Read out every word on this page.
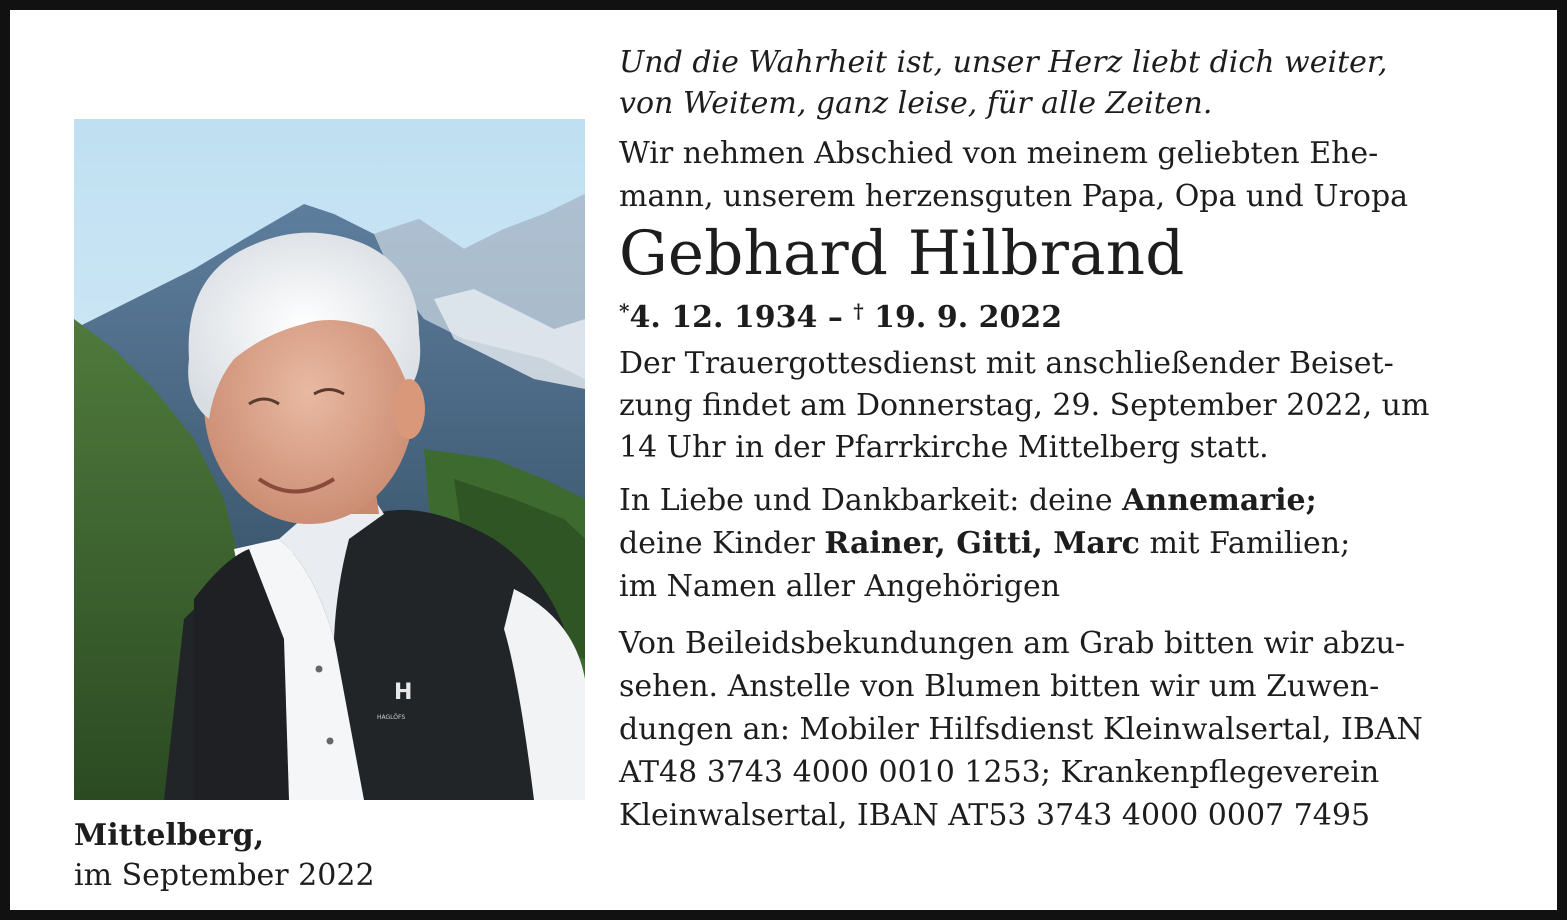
H
HAGLÖFS
Mittelberg,
im September 2022

Und die Wahrheit ist, unser Herz liebt dich weiter,

von Weitem, ganz leise, für alle Zeiten.

Wir nehmen Abschied von meinem geliebten Ehe-

mann, unserem herzensguten Papa, Opa und Uropa

Gebhard Hilbrand

*4. 12. 1934 – † 19. 9. 2022

Der Trauergottesdienst mit anschließender Beiset-

zung findet am Donnerstag, 29. September 2022, um

14 Uhr in der Pfarrkirche Mittelberg statt.

In Liebe und Dankbarkeit: deine Annemarie;

deine Kinder Rainer, Gitti, Marc mit Familien;

im Namen aller Angehörigen

Von Beileidsbekundungen am Grab bitten wir abzu-

sehen. Anstelle von Blumen bitten wir um Zuwen-

dungen an: Mobiler Hilfsdienst Kleinwalsertal, IBAN

AT48 3743 4000 0010 1253; Krankenpflegeverein

Kleinwalsertal, IBAN AT53 3743 4000 0007 7495
